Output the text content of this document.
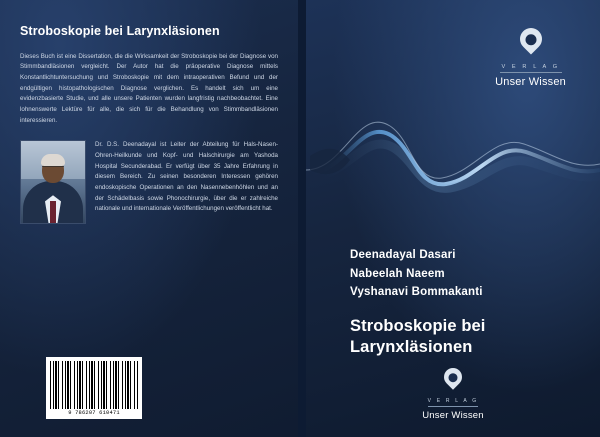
Stroboskopie bei Larynxläsionen
Dieses Buch ist eine Dissertation, die die Wirksamkeit der Stroboskopie bei der Diagnose von Stimmbandläsionen vergleicht. Der Autor hat die präoperative Diagnose mittels Konstantlichtuntersuchung und Stroboskopie mit dem intraoperativen Befund und der endgültigen histopathologischen Diagnose verglichen. Es handelt sich um eine evidenzbasierte Studie, und alle unsere Patienten wurden langfristig nachbeobachtet. Eine lohnenswerte Lektüre für alle, die sich für die Behandlung von Stimmbandläsionen interessieren.
Dr. D.S. Deenadayal ist Leiter der Abteilung für Hals-Nasen-Ohren-Heilkunde und Kopf- und Halschirurgie am Yashoda Hospital Secunderabad. Er verfügt über 35 Jahre Erfahrung in diesem Bereich. Zu seinen besonderen Interessen gehören endoskopische Operationen an den Nasennebenhöhlen und an der Schädelbasis sowie Phonochirurgie, über die er zahlreiche nationale und internationale Veröffentlichungen veröffentlicht hat.
9 786207 610471
V E R L A G
Unser Wissen
Deenadayal Dasari
Nabeelah Naeem
Vyshanavi Bommakanti
Stroboskopie bei Larynxläsionen
V E R L A G
Unser Wissen
